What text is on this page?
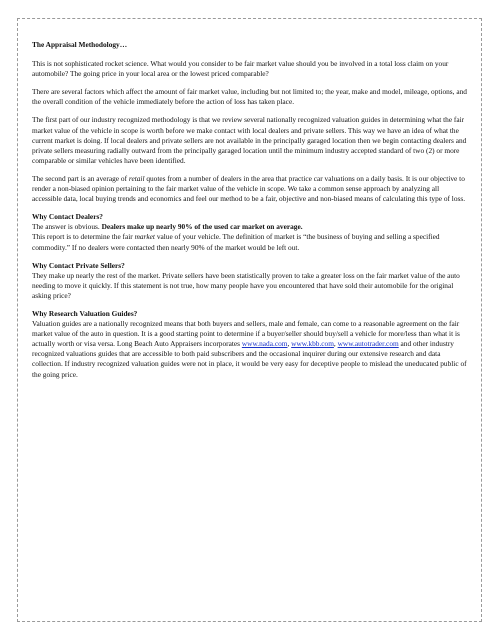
The Appraisal Methodology…

This is not sophisticated rocket science. What would you consider to be fair market value should you be involved in a total loss claim on your automobile? The going price in your local area or the lowest priced comparable?

There are several factors which affect the amount of fair market value, including but not limited to; the year, make and model, mileage, options, and the overall condition of the vehicle immediately before the action of loss has taken place.

The first part of our industry recognized methodology is that we review several nationally recognized valuation guides in determining what the fair market value of the vehicle in scope is worth before we make contact with local dealers and private sellers. This way we have an idea of what the current market is doing. If local dealers and private sellers are not available in the principally garaged location then we begin contacting dealers and private sellers measuring radially outward from the principally garaged location until the minimum industry accepted standard of two (2) or more comparable or similar vehicles have been identified.

The second part is an average of retail quotes from a number of dealers in the area that practice car valuations on a daily basis. It is our objective to render a non-biased opinion pertaining to the fair market value of the vehicle in scope. We take a common sense approach by analyzing all accessible data, local buying trends and economics and feel our method to be a fair, objective and non-biased means of calculating this type of loss.

Why Contact Dealers?

The answer is obvious. Dealers make up nearly 90% of the used car market on average.

This report is to determine the fair market value of your vehicle. The definition of market is “the business of buying and selling a specified commodity.” If no dealers were contacted then nearly 90% of the market would be left out.

Why Contact Private Sellers?

They make up nearly the rest of the market. Private sellers have been statistically proven to take a greater loss on the fair market value of the auto needing to move it quickly. If this statement is not true, how many people have you encountered that have sold their automobile for the original asking price?

Why Research Valuation Guides?

Valuation guides are a nationally recognized means that both buyers and sellers, male and female, can come to a reasonable agreement on the fair market value of the auto in question. It is a good starting point to determine if a buyer/seller should buy/sell a vehicle for more/less than what it is actually worth or visa versa. Long Beach Auto Appraisers incorporates www.nada.com, www.kbb.com, www.autotrader.com and other industry recognized valuations guides that are accessible to both paid subscribers and the occasional inquirer during our extensive research and data collection. If industry recognized valuation guides were not in place, it would be very easy for deceptive people to mislead the uneducated public of the going price.
